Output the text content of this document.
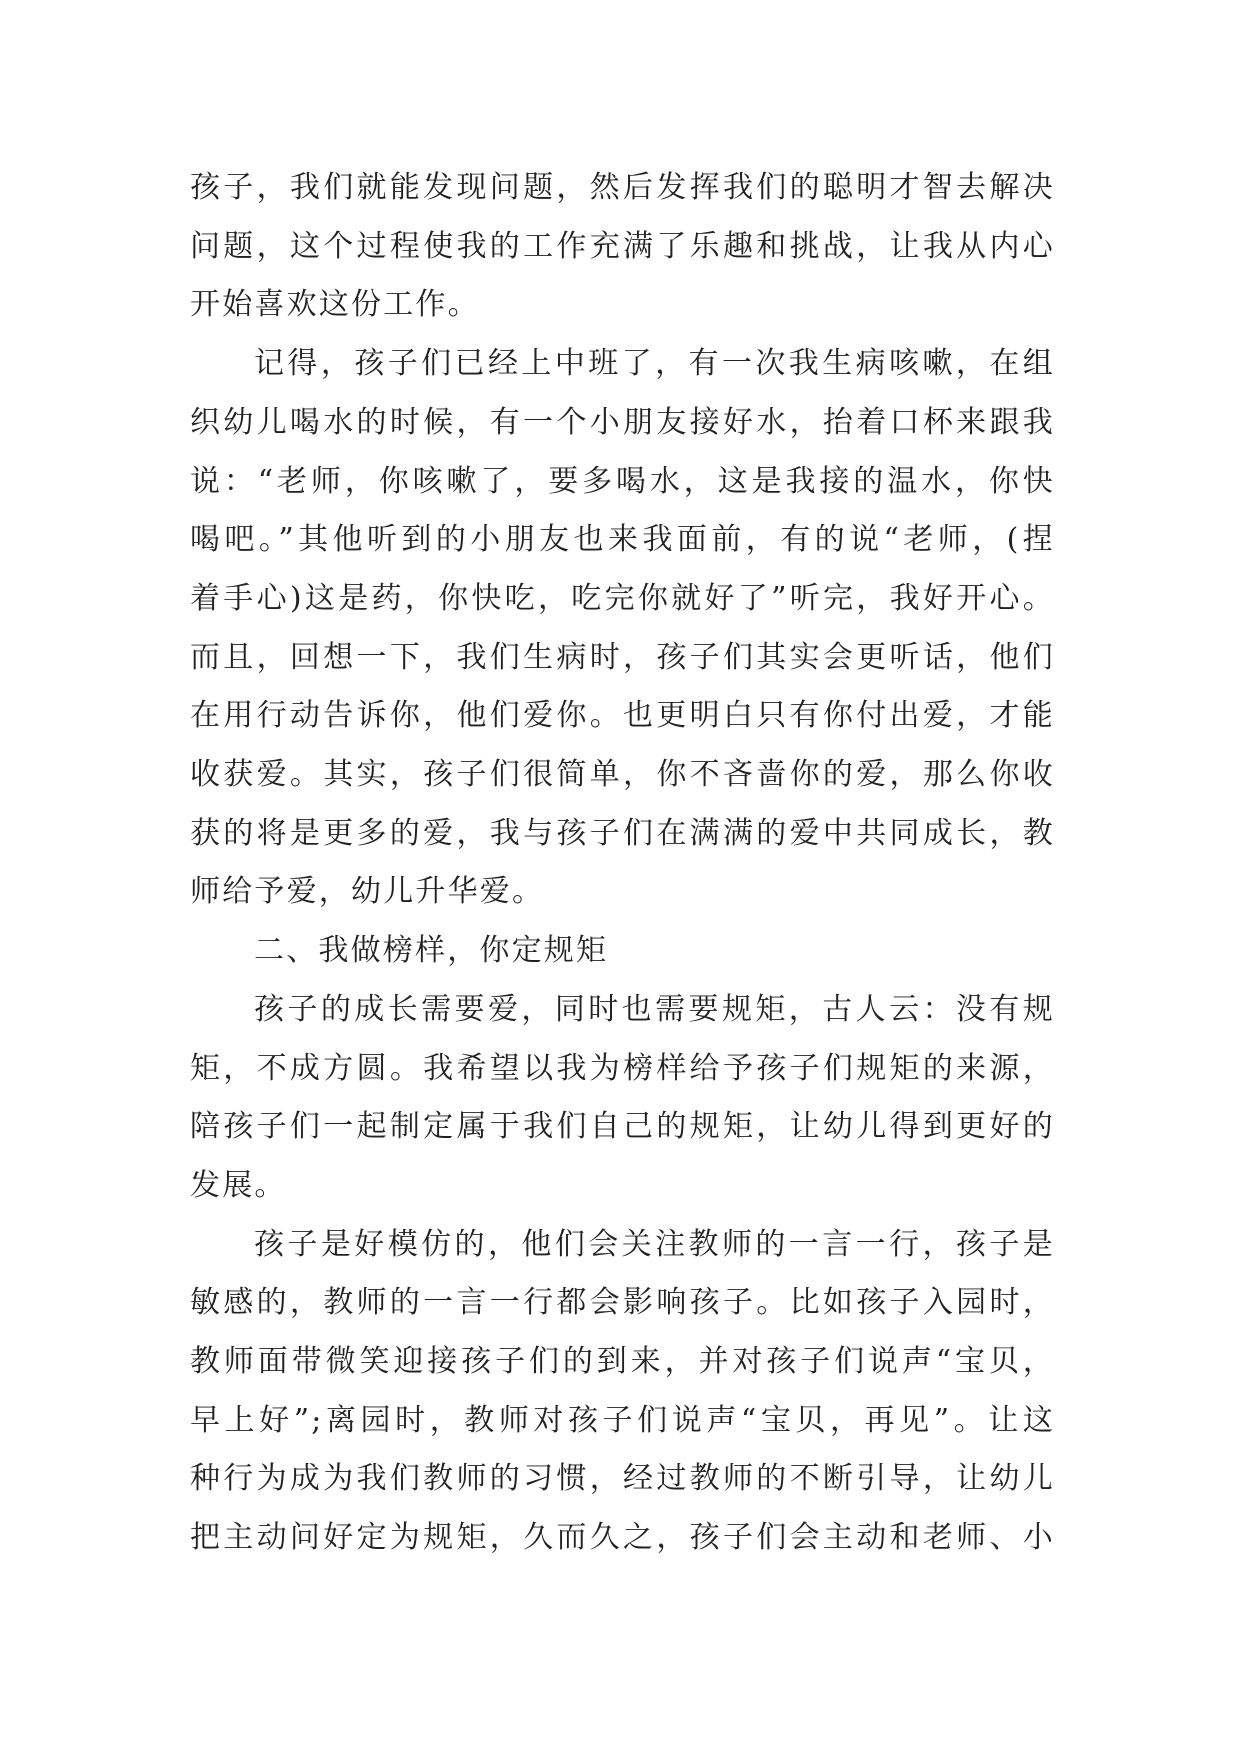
孩子，我们就能发现问题，然后发挥我们的聪明才智去解决
问题，这个过程使我的工作充满了乐趣和挑战，让我从内心
开始喜欢这份工作。
记得，孩子们已经上中班了，有一次我生病咳嗽，在组
织幼儿喝水的时候，有一个小朋友接好水，抬着口杯来跟我
说：“老师，你咳嗽了，要多喝水，这是我接的温水，你快
喝吧。”其他听到的小朋友也来我面前，有的说“老师，(捏
着手心)这是药，你快吃，吃完你就好了”听完，我好开心。
而且，回想一下，我们生病时，孩子们其实会更听话，他们
在用行动告诉你，他们爱你。也更明白只有你付出爱，才能
收获爱。其实，孩子们很简单，你不吝啬你的爱，那么你收
获的将是更多的爱，我与孩子们在满满的爱中共同成长，教
师给予爱，幼儿升华爱。
二、我做榜样，你定规矩
孩子的成长需要爱，同时也需要规矩，古人云：没有规
矩，不成方圆。我希望以我为榜样给予孩子们规矩的来源，
陪孩子们一起制定属于我们自己的规矩，让幼儿得到更好的
发展。
孩子是好模仿的，他们会关注教师的一言一行，孩子是
敏感的，教师的一言一行都会影响孩子。比如孩子入园时，
教师面带微笑迎接孩子们的到来，并对孩子们说声“宝贝，
早上好”;离园时，教师对孩子们说声“宝贝，再见”。让这
种行为成为我们教师的习惯，经过教师的不断引导，让幼儿
把主动问好定为规矩，久而久之，孩子们会主动和老师、小
